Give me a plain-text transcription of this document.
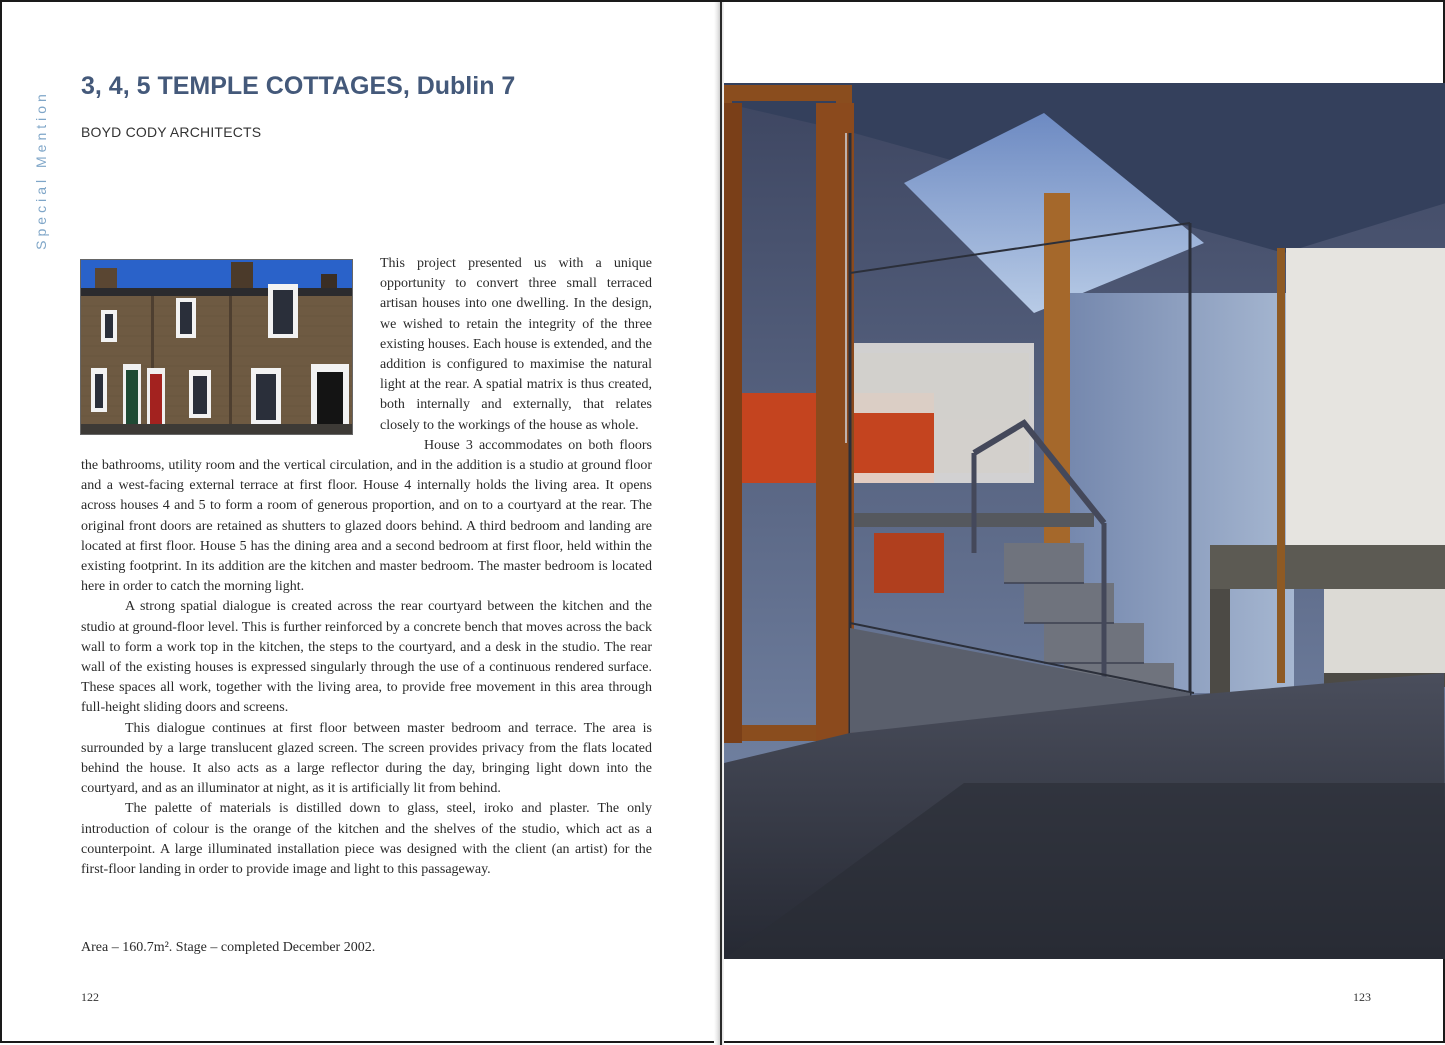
Special Mention
3, 4, 5 TEMPLE COTTAGES, Dublin 7

BOYD CODY ARCHITECTS

This project presented us with a unique opportunity to convert three small terraced artisan houses into one dwelling. In the design, we wished to retain the integrity of the three existing houses. Each house is extended, and the addition is configured to maximise the natural light at the rear. A spatial matrix is thus created, both internally and externally, that relates closely to the workings of the house as whole.

House 3 accommodates on both floors the bathrooms, utility room and the vertical circulation, and in the addition is a studio at ground floor and a west-facing external terrace at first floor. House 4 internally holds the living area. It opens across houses 4 and 5 to form a room of generous proportion, and on to a courtyard at the rear. The original front doors are retained as shutters to glazed doors behind. A third bedroom and landing are located at first floor. House 5 has the dining area and a second bedroom at first floor, held within the existing footprint. In its addition are the kitchen and master bedroom. The master bedroom is located here in order to catch the morning light.

A strong spatial dialogue is created across the rear courtyard between the kitchen and the studio at ground-floor level. This is further reinforced by a concrete bench that moves across the back wall to form a work top in the kitchen, the steps to the courtyard, and a desk in the studio. The rear wall of the existing houses is expressed singularly through the use of a continuous rendered surface. These spaces all work, together with the living area, to provide free movement in this area through full-height sliding doors and screens.

This dialogue continues at first floor between master bedroom and terrace. The area is surrounded by a large translucent glazed screen. The screen provides privacy from the flats located behind the house. It also acts as a large reflector during the day, bringing light down into the courtyard, and as an illuminator at night, as it is artificially lit from behind.

The palette of materials is distilled down to glass, steel, iroko and plaster. The only introduction of colour is the orange of the kitchen and the shelves of the studio, which act as a counterpoint. A large illuminated installation piece was designed with the client (an artist) for the first-floor landing in order to provide image and light to this passageway.

Area – 160.7m². Stage – completed December 2002.

122	123
